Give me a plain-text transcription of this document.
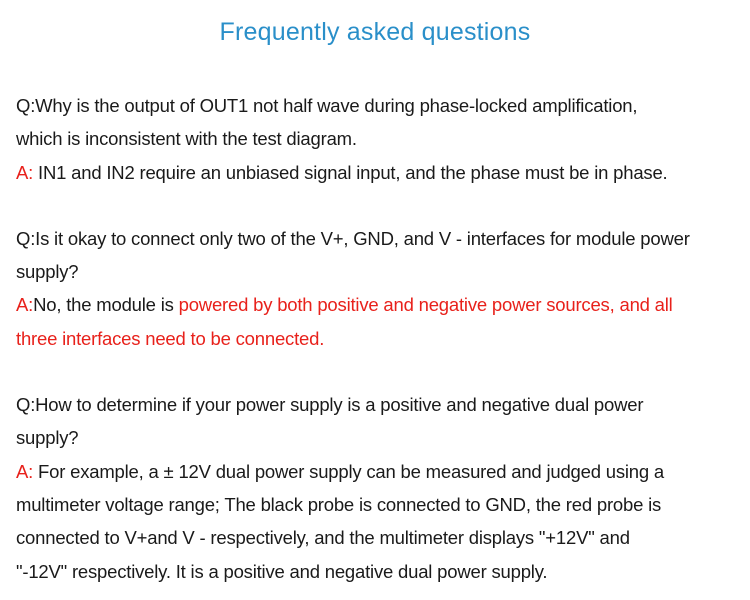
Frequently asked questions
Q:Why is the output of OUT1 not half wave during phase-locked amplification,
which is inconsistent with the test diagram.
A: IN1 and IN2 require an unbiased signal input, and the phase must be in phase.
Q:Is it okay to connect only two of the V+, GND, and V - interfaces for module power
supply?
A:No, the module is powered by both positive and negative power sources, and all
three interfaces need to be connected.
Q:How to determine if your power supply is a positive and negative dual power
supply?
A: For example, a ± 12V dual power supply can be measured and judged using a
multimeter voltage range; The black probe is connected to GND, the red probe is
connected to V+and V - respectively, and the multimeter displays "+12V" and
"-12V" respectively. It is a positive and negative dual power supply.
